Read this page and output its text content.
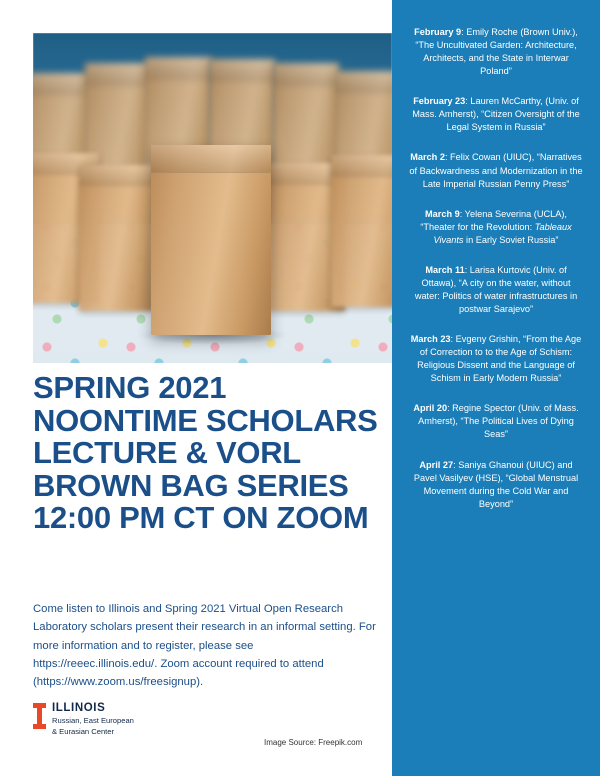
SPRING 2021
NOONTIME SCHOLARS
LECTURE & VORL
BROWN BAG SERIES
12:00 PM CT ON ZOOM
Come listen to Illinois and Spring 2021 Virtual Open Research Laboratory scholars present their research in an informal setting. For more information and to register, please see https://reeec.illinois.edu/. Zoom account required to attend (https://www.zoom.us/freesignup).
ILLINOIS
Russian, East European
& Eurasian Center
Image Source: Freepik.com
February 9: Emily Roche (Brown Univ.), “The Uncultivated Garden: Architecture, Architects, and the State in Interwar Poland”
February 23: Lauren McCarthy, (Univ. of Mass. Amherst), “Citizen Oversight of the Legal System in Russia”
March 2: Felix Cowan (UIUC), “Narratives of Backwardness and Modernization in the Late Imperial Russian Penny Press”
March 9: Yelena Severina (UCLA), “Theater for the Revolution: Tableaux Vivants in Early Soviet Russia”
March 11: Larisa Kurtovic (Univ. of Ottawa), “A city on the water, without water: Politics of water infrastructures in postwar Sarajevo”
March 23: Evgeny Grishin, “From the Age of Correction to to the Age of Schism: Religious Dissent and the Language of Schism in Early Modern Russia”
April 20: Regine Spector (Univ. of Mass. Amherst), “The Political Lives of Dying Seas”
April 27: Saniya Ghanoui (UIUC) and Pavel Vasilyev (HSE), “Global Menstrual Movement during the Cold War and Beyond”
